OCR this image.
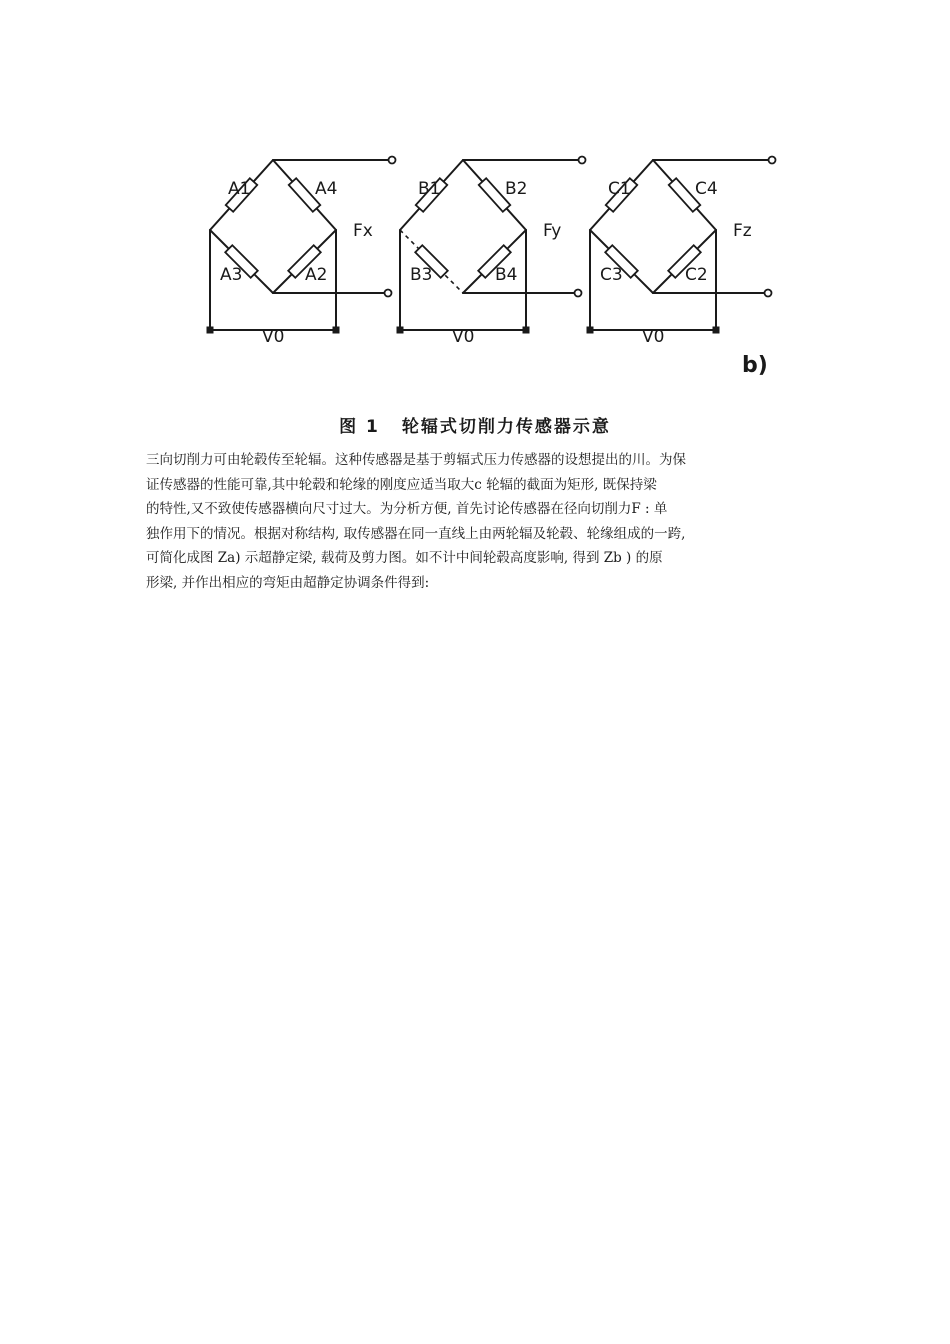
A1	A4
A3	A2
Fx
V0
B1	B2
B3	B4
Fy
V0
C1	C4
C3	C2
Fz
V0
b)
图 1 轮辐式切削力传感器示意

三向切削力可由轮毂传至轮辐。这种传感器是基于剪辐式压力传感器的设想提出的川。为保

证传感器的性能可靠,其中轮毂和轮缘的刚度应适当取大c 轮辐的截面为矩形, 既保持梁

的特性,又不致使传感器横向尺寸过大。为分析方便, 首先讨论传感器在径向切削力F : 单

独作用下的情况。根据对称结构, 取传感器在同一直线上由两轮辐及轮毂、轮缘组成的一跨,

可简化成图 Za) 示超静定梁, 载荷及剪力图。如不计中间轮毂高度影响, 得到 Zb ) 的原

形梁, 并作出相应的弯矩由超静定协调条件得到:
